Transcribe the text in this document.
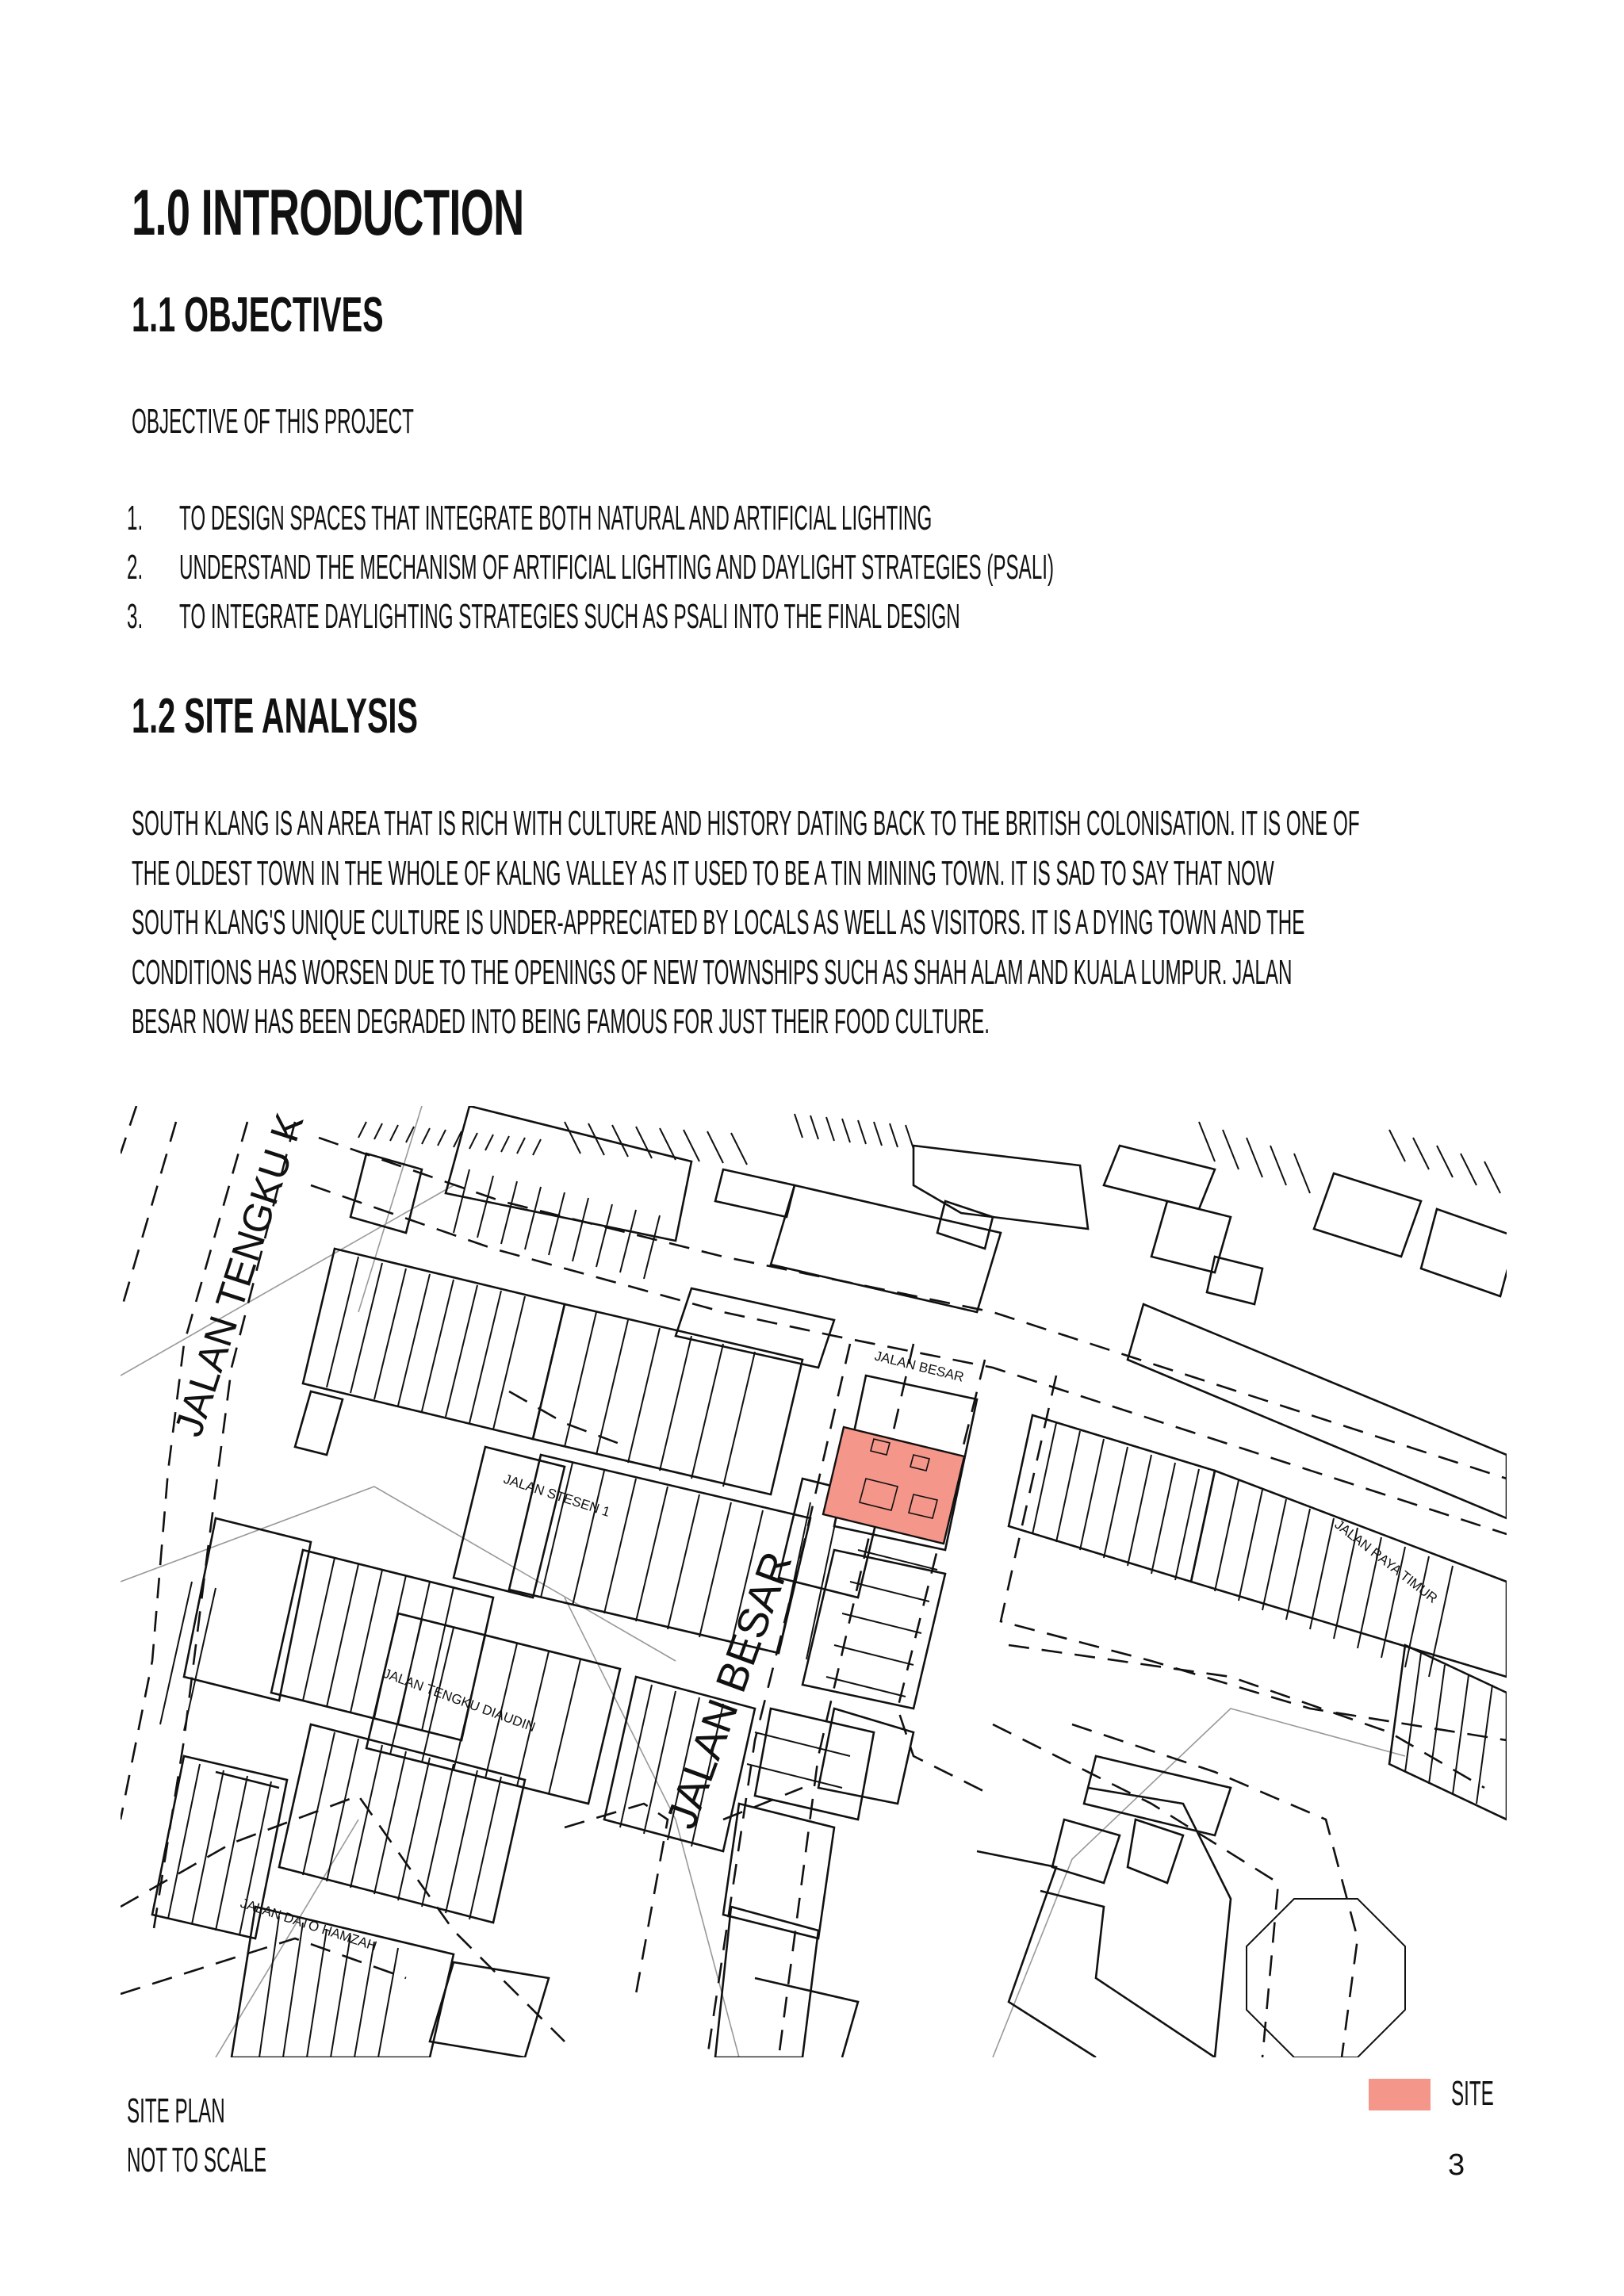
1.0 INTRODUCTION
1.1 OBJECTIVES
OBJECTIVE OF THIS PROJECT
1. TO DESIGN SPACES THAT INTEGRATE BOTH NATURAL AND ARTIFICIAL LIGHTING
2. UNDERSTAND THE MECHANISM OF ARTIFICIAL LIGHTING AND DAYLIGHT STRATEGIES (PSALI)
3. TO INTEGRATE DAYLIGHTING STRATEGIES SUCH AS PSALI INTO THE FINAL DESIGN
1.2 SITE ANALYSIS

SOUTH KLANG IS AN AREA THAT IS RICH WITH CULTURE AND HISTORY DATING BACK TO THE BRITISH COLONISATION. IT IS ONE OF

THE OLDEST TOWN IN THE WHOLE OF KALNG VALLEY AS IT USED TO BE A TIN MINING TOWN. IT IS SAD TO SAY THAT NOW

SOUTH KLANG'S UNIQUE CULTURE IS UNDER-APPRECIATED BY LOCALS AS WELL AS VISITORS. IT IS A DYING TOWN AND THE

CONDITIONS HAS WORSEN DUE TO THE OPENINGS OF NEW TOWNSHIPS SUCH AS SHAH ALAM AND KUALA LUMPUR. JALAN

BESAR NOW HAS BEEN DEGRADED INTO BEING FAMOUS FOR JUST THEIR FOOD CULTURE.

JALAN TENGKU K	JALAN BESAR
JALAN STESEN 1
JALAN RAYA TIMUR
JALAN BESAR
JALAN TENGKU DIAUDIN
JALAN DATO HAMZAH
SITE PLAN
NOT TO SCALE
SITE
3
